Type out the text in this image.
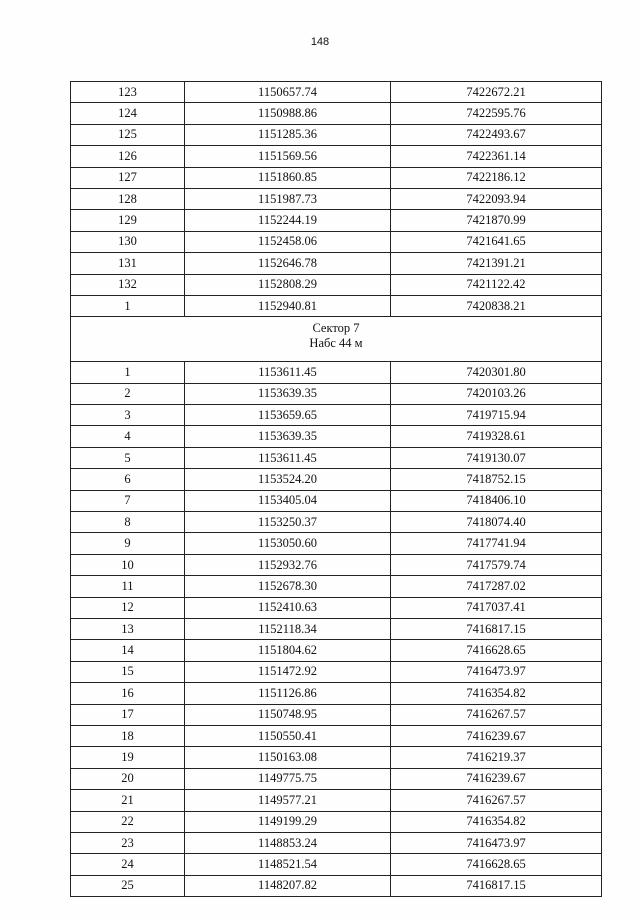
148
123	1150657.74	7422672.21
124	1150988.86	7422595.76
125	1151285.36	7422493.67
126	1151569.56	7422361.14
127	1151860.85	7422186.12
128	1151987.73	7422093.94
129	1152244.19	7421870.99
130	1152458.06	7421641.65
131	1152646.78	7421391.21
132	1152808.29	7421122.42
1	1152940.81	7420838.21

Сектор 7
Набс 44 м		

1	1153611.45	7420301.80
2	1153639.35	7420103.26
3	1153659.65	7419715.94
4	1153639.35	7419328.61
5	1153611.45	7419130.07
6	1153524.20	7418752.15
7	1153405.04	7418406.10
8	1153250.37	7418074.40
9	1153050.60	7417741.94
10	1152932.76	7417579.74
11	1152678.30	7417287.02
12	1152410.63	7417037.41
13	1152118.34	7416817.15
14	1151804.62	7416628.65
15	1151472.92	7416473.97
16	1151126.86	7416354.82
17	1150748.95	7416267.57
18	1150550.41	7416239.67
19	1150163.08	7416219.37
20	1149775.75	7416239.67
21	1149577.21	7416267.57
22	1149199.29	7416354.82
23	1148853.24	7416473.97
24	1148521.54	7416628.65
25	1148207.82	7416817.15
